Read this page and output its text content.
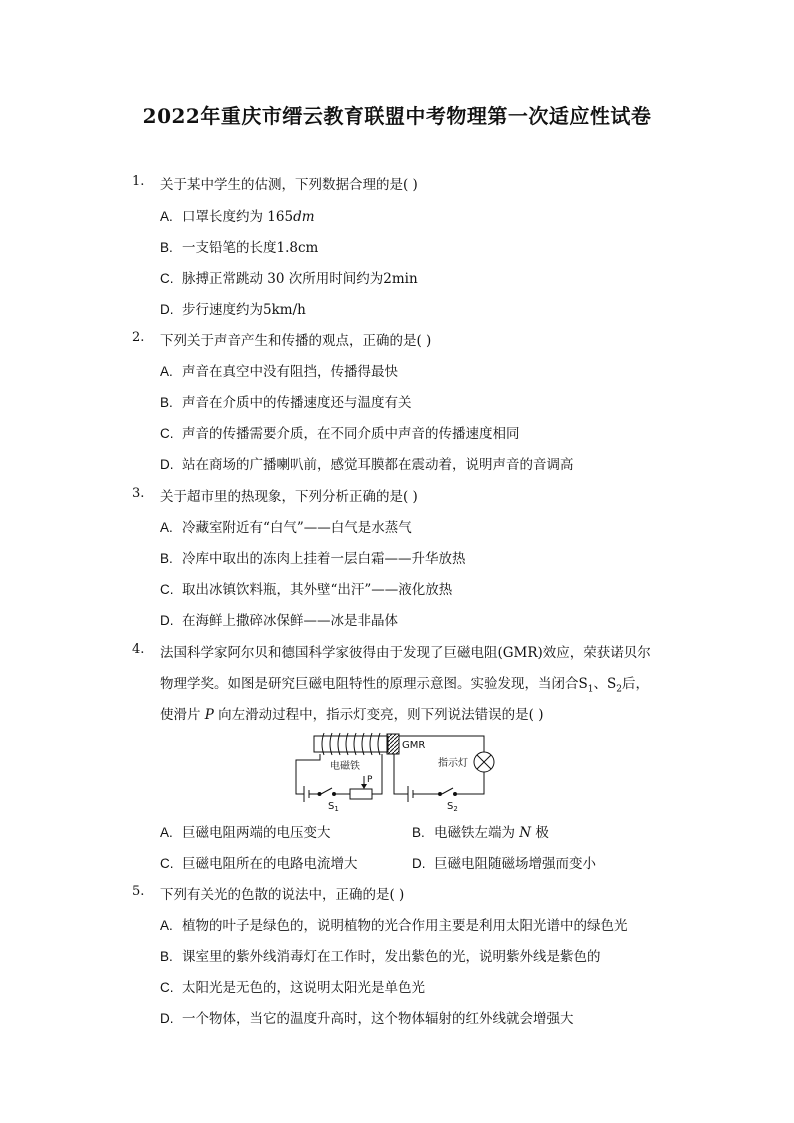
2022年重庆市缙云教育联盟中考物理第一次适应性试卷
1. 关于某中学生的估测，下列数据合理的是( )
A. 口罩长度约为 165dm
B. 一支铅笔的长度1.8cm
C. 脉搏正常跳动 30 次所用时间约为2min
D. 步行速度约为5km/h
2. 下列关于声音产生和传播的观点，正确的是( )
A. 声音在真空中没有阻挡，传播得最快
B. 声音在介质中的传播速度还与温度有关
C. 声音的传播需要介质，在不同介质中声音的传播速度相同
D. 站在商场的广播喇叭前，感觉耳膜都在震动着，说明声音的音调高
3. 关于超市里的热现象，下列分析正确的是( )
A. 冷藏室附近有“白气”——白气是水蒸气
B. 冷库中取出的冻肉上挂着一层白霜——升华放热
C. 取出冰镇饮料瓶，其外壁“出汗”——液化放热
D. 在海鲜上撒碎冰保鲜——冰是非晶体
4. 法国科学家阿尔贝和德国科学家彼得由于发现了巨磁电阻(GMR)效应，荣获诺贝尔
物理学奖。如图是研究巨磁电阻特性的原理示意图。实验发现，当闭合$S_1$、$S_2$后，
使滑片 P 向左滑动过程中，指示灯变亮，则下列说法错误的是( )
电磁铁
P
$S_1$
GMR
指示灯
$S_2$
A. 巨磁电阻两端的电压变大	B. 电磁铁左端为 N 极
C. 巨磁电阻所在的电路电流增大	D. 巨磁电阻随磁场增强而变小
5. 下列有关光的色散的说法中，正确的是( )
A. 植物的叶子是绿色的，说明植物的光合作用主要是利用太阳光谱中的绿色光
B. 课室里的紫外线消毒灯在工作时，发出紫色的光，说明紫外线是紫色的
C. 太阳光是无色的，这说明太阳光是单色光
D. 一个物体，当它的温度升高时，这个物体辐射的红外线就会增强大
